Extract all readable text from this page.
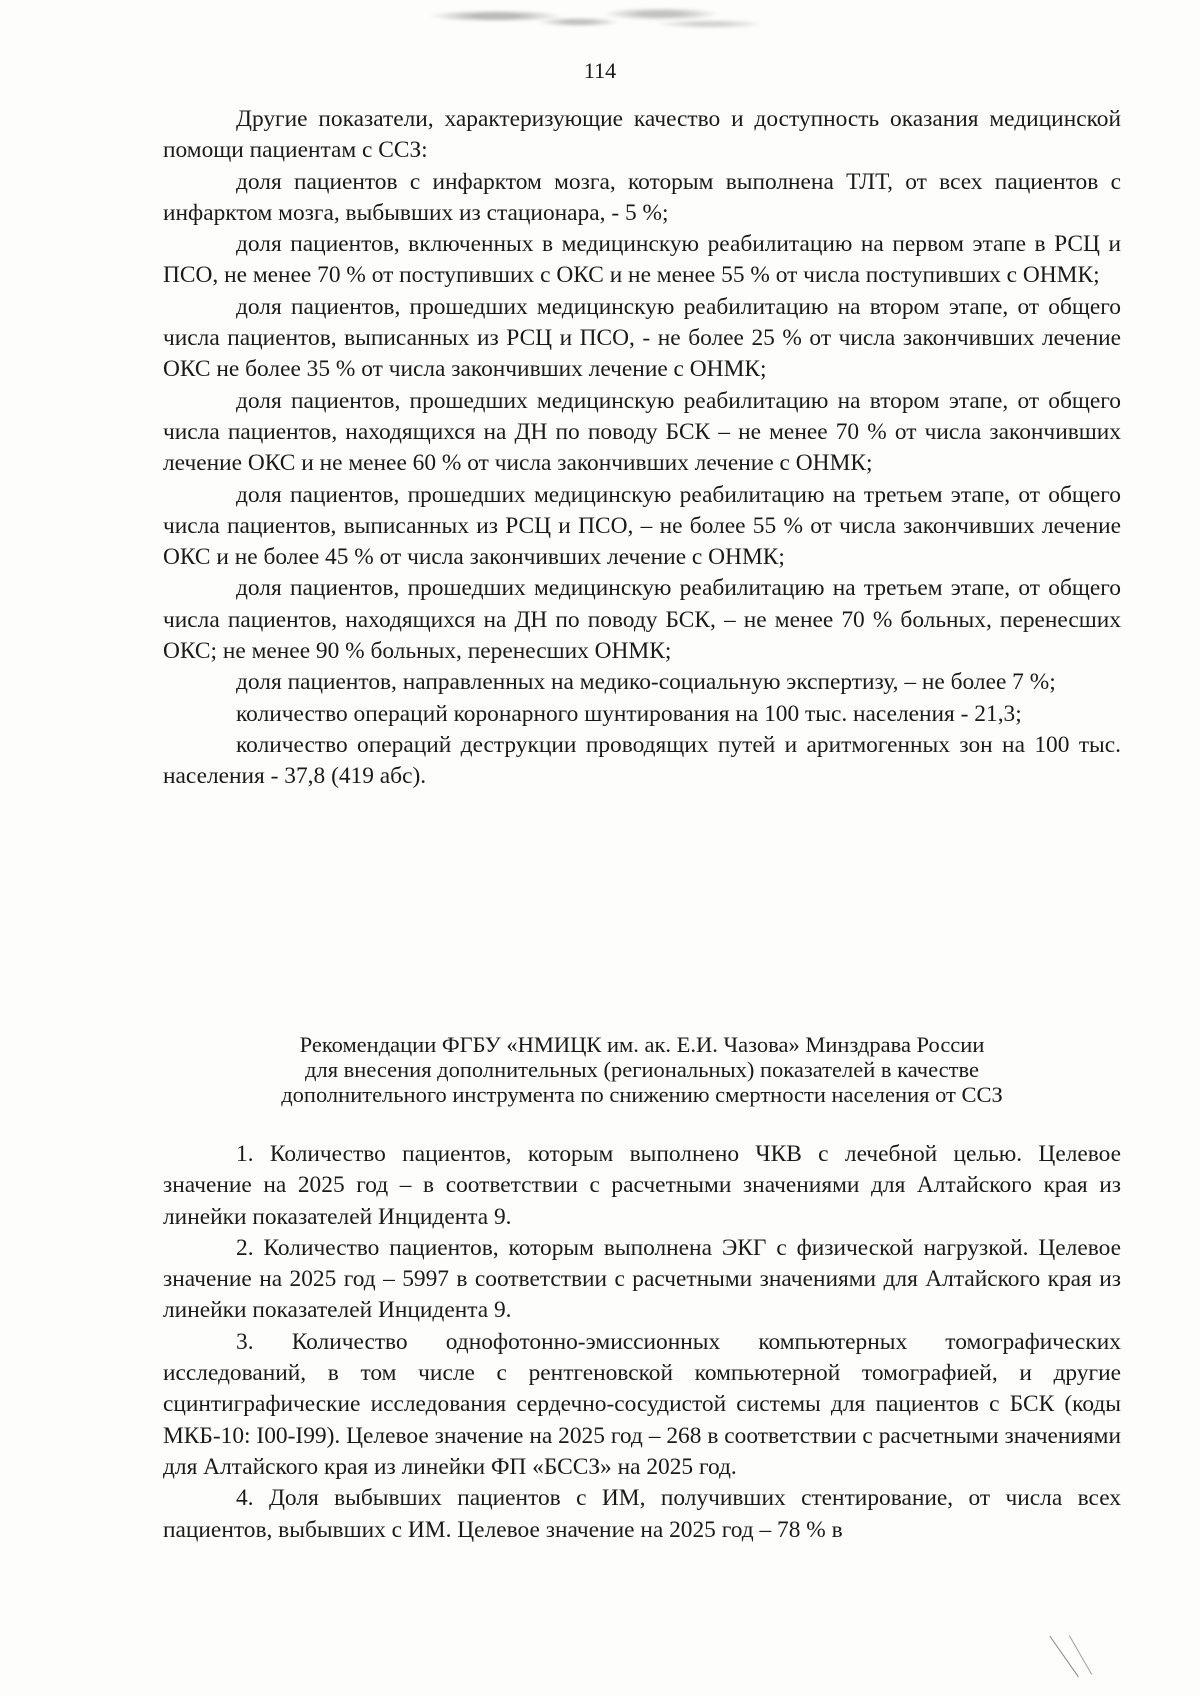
114

Другие показатели, характеризующие качество и доступность оказания медицинской помощи пациентам с ССЗ:

доля пациентов с инфарктом мозга, которым выполнена ТЛТ, от всех пациентов с инфарктом мозга, выбывших из стационара, - 5 %;

доля пациентов, включенных в медицинскую реабилитацию на первом этапе в РСЦ и ПСО, не менее 70 % от поступивших с ОКС и не менее 55 % от числа поступивших с ОНМК;

доля пациентов, прошедших медицинскую реабилитацию на втором этапе, от общего числа пациентов, выписанных из РСЦ и ПСО, - не более 25 % от числа закончивших лечение ОКС не более 35 % от числа закончивших лечение с ОНМК;

доля пациентов, прошедших медицинскую реабилитацию на втором этапе, от общего числа пациентов, находящихся на ДН по поводу БСК – не менее 70 % от числа закончивших лечение ОКС и не менее 60 % от числа закончивших лечение с ОНМК;

доля пациентов, прошедших медицинскую реабилитацию на третьем этапе, от общего числа пациентов, выписанных из РСЦ и ПСО, – не более 55 % от числа закончивших лечение ОКС и не более 45 % от числа закончивших лечение с ОНМК;

доля пациентов, прошедших медицинскую реабилитацию на третьем этапе, от общего числа пациентов, находящихся на ДН по поводу БСК, – не менее 70 % больных, перенесших ОКС; не менее 90 % больных, перенесших ОНМК;

доля пациентов, направленных на медико-социальную экспертизу, – не более 7 %;

количество операций коронарного шунтирования на 100 тыс. населения - 21,3;

количество операций деструкции проводящих путей и аритмогенных зон на 100 тыс. населения - 37,8 (419 абс).

Рекомендации ФГБУ «НМИЦК им. ак. Е.И. Чазова» Минздрава России
для внесения дополнительных (региональных) показателей в качестве
дополнительного инструмента по снижению смертности населения от ССЗ

1. Количество пациентов, которым выполнено ЧКВ с лечебной целью. Целевое значение на 2025 год – в соответствии с расчетными значениями для Алтайского края из линейки показателей Инцидента 9.

2. Количество пациентов, которым выполнена ЭКГ с физической нагрузкой. Целевое значение на 2025 год – 5997 в соответствии с расчетными значениями для Алтайского края из линейки показателей Инцидента 9.

3. Количество однофотонно-эмиссионных компьютерных томографических исследований, в том числе с рентгеновской компьютерной томографией, и другие сцинтиграфические исследования сердечно-сосудистой системы для пациентов с БСК (коды МКБ-10: I00-I99). Целевое значение на 2025 год – 268 в соответствии с расчетными значениями для Алтайского края из линейки ФП «БССЗ» на 2025 год.

4. Доля выбывших пациентов с ИМ, получивших стентирование, от числа всех пациентов, выбывших с ИМ. Целевое значение на 2025 год – 78 % в
